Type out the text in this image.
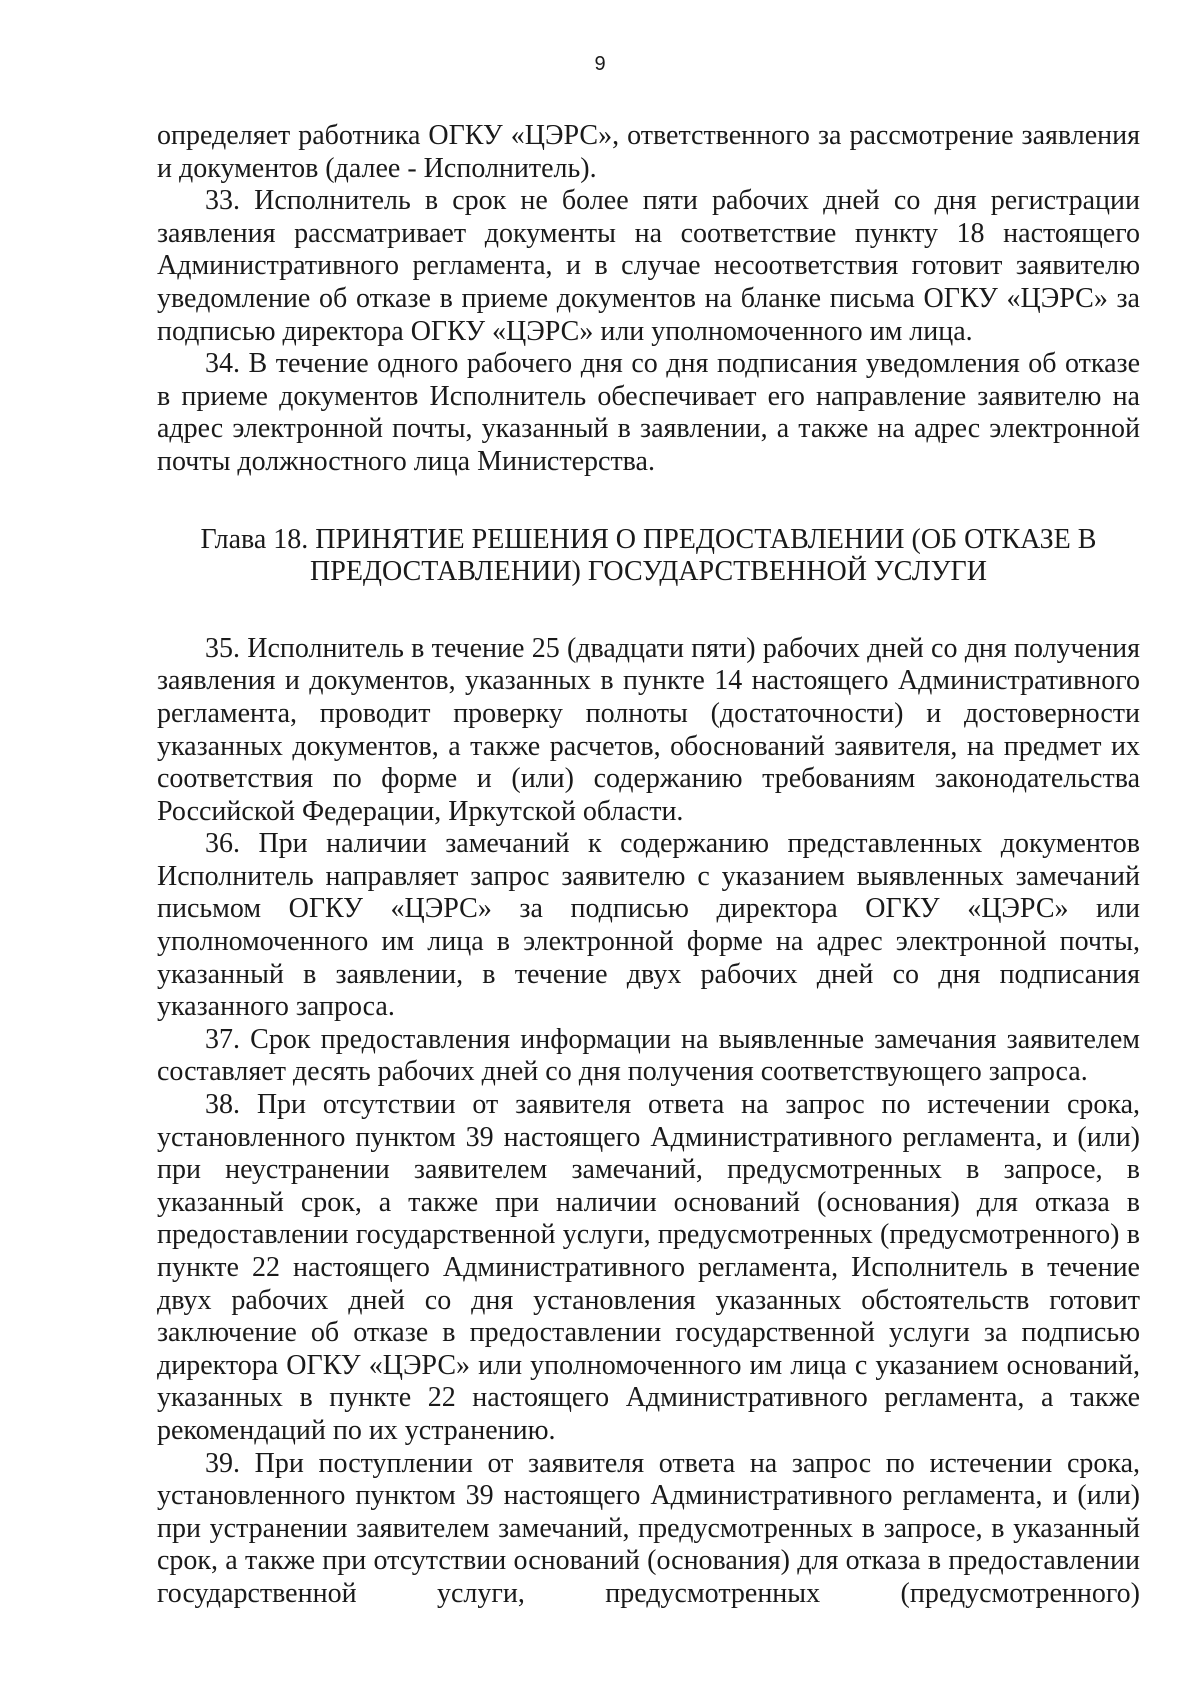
9

определяет работника ОГКУ «ЦЭРС», ответственного за рассмотрение заявления и документов (далее - Исполнитель).

33. Исполнитель в срок не более пяти рабочих дней со дня регистрации заявления рассматривает документы на соответствие пункту 18 настоящего Административного регламента, и в случае несоответствия готовит заявителю уведомление об отказе в приеме документов на бланке письма ОГКУ «ЦЭРС» за подписью директора ОГКУ «ЦЭРС» или уполномоченного им лица.

34. В течение одного рабочего дня со дня подписания уведомления об отказе в приеме документов Исполнитель обеспечивает его направление заявителю на адрес электронной почты, указанный в заявлении, а также на адрес электронной почты должностного лица Министерства.

Глава 18. ПРИНЯТИЕ РЕШЕНИЯ О ПРЕДОСТАВЛЕНИИ (ОБ ОТКАЗЕ В
ПРЕДОСТАВЛЕНИИ) ГОСУДАРСТВЕННОЙ УСЛУГИ

35. Исполнитель в течение 25 (двадцати пяти) рабочих дней со дня получения заявления и документов, указанных в пункте 14 настоящего Административного регламента, проводит проверку полноты (достаточности) и достоверности указанных документов, а также расчетов, обоснований заявителя, на предмет их соответствия по форме и (или) содержанию требованиям законодательства Российской Федерации, Иркутской области.

36. При наличии замечаний к содержанию представленных документов Исполнитель направляет запрос заявителю с указанием выявленных замечаний письмом ОГКУ «ЦЭРС» за подписью директора ОГКУ «ЦЭРС» или уполномоченного им лица в электронной форме на адрес электронной почты, указанный в заявлении, в течение двух рабочих дней со дня подписания указанного запроса.

37. Срок предоставления информации на выявленные замечания заявителем составляет десять рабочих дней со дня получения соответствующего запроса.

38. При отсутствии от заявителя ответа на запрос по истечении срока, установленного пунктом 39 настоящего Административного регламента, и (или) при неустранении заявителем замечаний, предусмотренных в запросе, в указанный срок, а также при наличии оснований (основания) для отказа в предоставлении государственной услуги, предусмотренных (предусмотренного) в пункте 22 настоящего Административного регламента, Исполнитель в течение двух рабочих дней со дня установления указанных обстоятельств готовит заключение об отказе в предоставлении государственной услуги за подписью директора ОГКУ «ЦЭРС» или уполномоченного им лица с указанием оснований, указанных в пункте 22 настоящего Административного регламента, а также рекомендаций по их устранению.

39. При поступлении от заявителя ответа на запрос по истечении срока, установленного пунктом 39 настоящего Административного регламента, и (или) при устранении заявителем замечаний, предусмотренных в запросе, в указанный срок, а также при отсутствии оснований (основания) для отказа в предоставлении государственной услуги, предусмотренных (предусмотренного)
